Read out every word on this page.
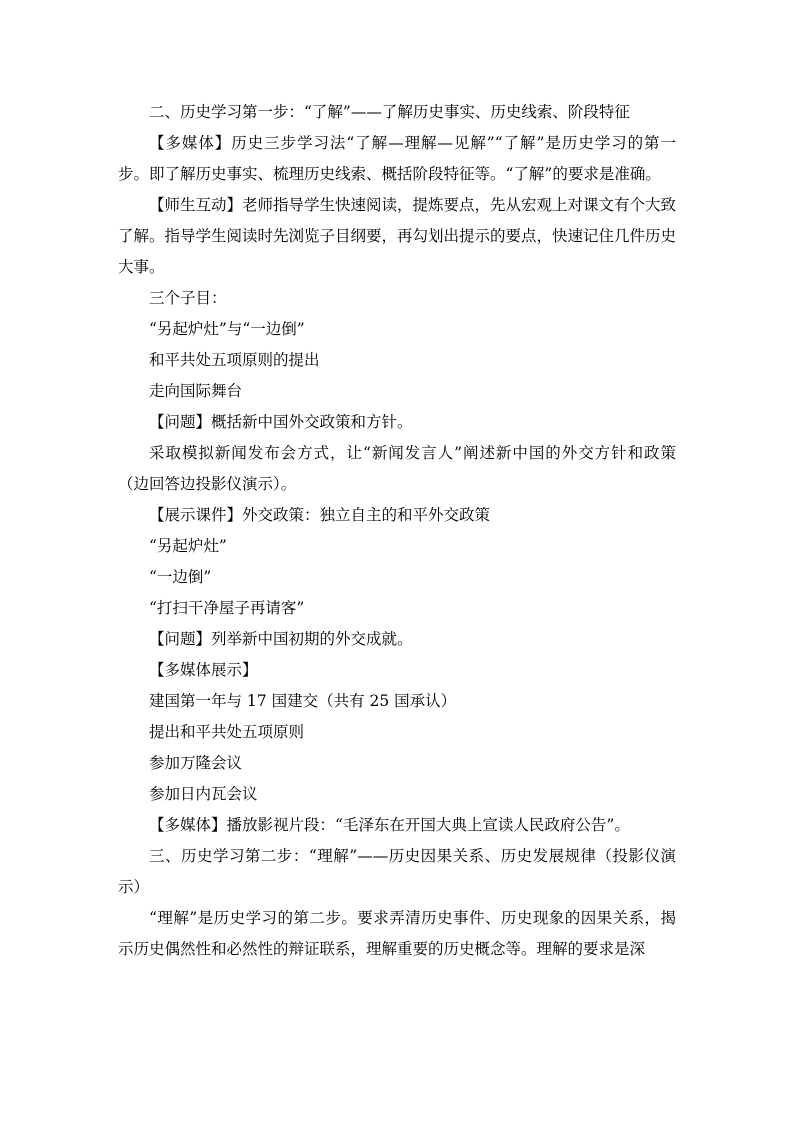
二、历史学习第一步：“了解”——了解历史事实、历史线索、阶段特征

【多媒体】历史三步学习法“了解—理解—见解”“了解”是历史学习的第一步。即了解历史事实、梳理历史线索、概括阶段特征等。“了解”的要求是准确。

【师生互动】老师指导学生快速阅读，提炼要点，先从宏观上对课文有个大致了解。指导学生阅读时先浏览子目纲要，再勾划出提示的要点，快速记住几件历史大事。

三个子目：

“另起炉灶”与“一边倒”

和平共处五项原则的提出

走向国际舞台

【问题】概括新中国外交政策和方针。

采取模拟新闻发布会方式，让“新闻发言人”阐述新中国的外交方针和政策（边回答边投影仪演示）。

【展示课件】外交政策：独立自主的和平外交政策

“另起炉灶”

“一边倒”

“打扫干净屋子再请客”

【问题】列举新中国初期的外交成就。

【多媒体展示】

建国第一年与 17 国建交（共有 25 国承认）

提出和平共处五项原则

参加万隆会议

参加日内瓦会议

【多媒体】播放影视片段：“毛泽东在开国大典上宣读人民政府公告”。

三、历史学习第二步：“理解”——历史因果关系、历史发展规律（投影仪演示）

“理解”是历史学习的第二步。要求弄清历史事件、历史现象的因果关系，揭示历史偶然性和必然性的辩证联系，理解重要的历史概念等。理解的要求是深
